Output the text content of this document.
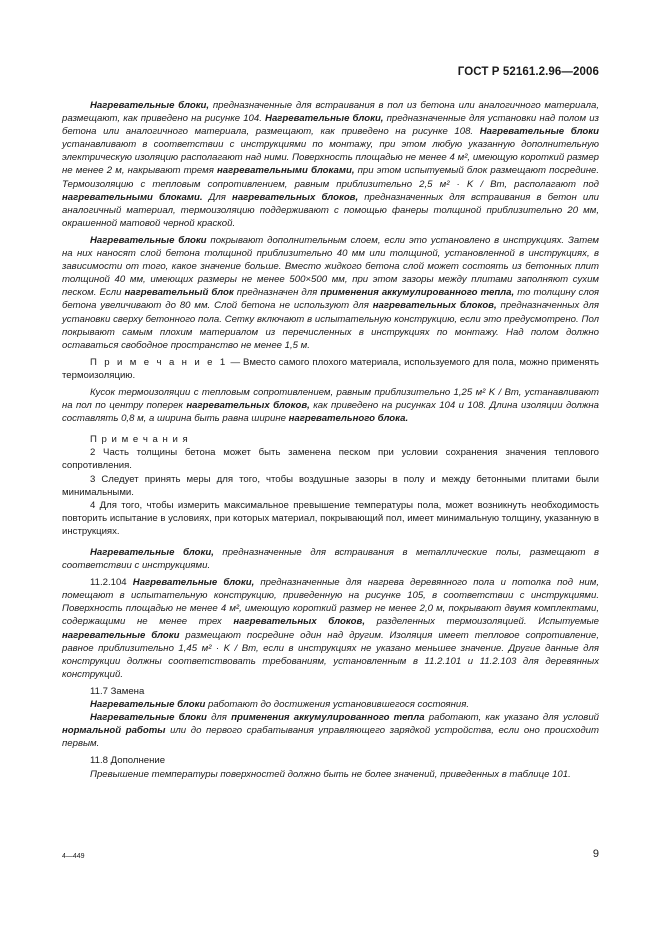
ГОСТ Р 52161.2.96—2006

Нагревательные блоки, предназначенные для встраивания в пол из бетона или аналогичного материала, размещают, как приведено на рисунке 104. Нагревательные блоки, предназначенные для установки над полом из бетона или аналогичного материала, размещают, как приведено на рисунке 108. Нагревательные блоки устанавливают в соответствии с инструкциями по монтажу, при этом любую указанную дополнительную электрическую изоляцию располагают над ними. Поверхность площадью не менее 4 м², имеющую короткий размер не менее 2 м, накрывают тремя нагревательными блоками, при этом испытуемый блок размещают посредине. Термоизоляцию с тепловым сопротивлением, равным приблизительно 2,5 м² · K / Вт, располагают под нагревательными блоками. Для нагревательных блоков, предназначенных для встраивания в бетон или аналогичный материал, термоизоляцию поддерживают с помощью фанеры толщиной приблизительно 20 мм, окрашенной матовой черной краской.

Нагревательные блоки покрывают дополнительным слоем, если это установлено в инструкциях. Затем на них наносят слой бетона толщиной приблизительно 40 мм или толщиной, установленной в инструкциях, в зависимости от того, какое значение больше. Вместо жидкого бетона слой может состоять из бетонных плит толщиной 40 мм, имеющих размеры не менее 500×500 мм, при этом зазоры между плитами заполняют сухим песком. Если нагревательный блок предназначен для применения аккумулированного тепла, то толщину слоя бетона увеличивают до 80 мм. Слой бетона не используют для нагревательных блоков, предназначенных для установки сверху бетонного пола. Сетку включают в испытательную конструкцию, если это предусмотрено. Пол покрывают самым плохим материалом из перечисленных в инструкциях по монтажу. Над полом должно оставаться свободное пространство не менее 1,5 м.

П р и м е ч а н и е 1 — Вместо самого плохого материала, используемого для пола, можно применять термоизоляцию.

Кусок термоизоляции с тепловым сопротивлением, равным приблизительно 1,25 м² K / Вт, устанавливают на пол по центру поперек нагревательных блоков, как приведено на рисунках 104 и 108. Длина изоляции должна составлять 0,8 м, а ширина быть равна ширине нагревательного блока.

П р и м е ч а н и я

2 Часть толщины бетона может быть заменена песком при условии сохранения значения теплового сопротивления.

3 Следует принять меры для того, чтобы воздушные зазоры в полу и между бетонными плитами были минимальными.

4 Для того, чтобы измерить максимальное превышение температуры пола, может возникнуть необходимость повторить испытание в условиях, при которых материал, покрывающий пол, имеет минимальную толщину, указанную в инструкциях.

Нагревательные блоки, предназначенные для встраивания в металлические полы, размещают в соответствии с инструкциями.

11.2.104 Нагревательные блоки, предназначенные для нагрева деревянного пола и потолка под ним, помещают в испытательную конструкцию, приведенную на рисунке 105, в соответствии с инструкциями. Поверхность площадью не менее 4 м², имеющую короткий размер не менее 2,0 м, покрывают двумя комплектами, содержащими не менее трех нагревательных блоков, разделенных термоизоляцией. Испытуемые нагревательные блоки размещают посредине один над другим. Изоляция имеет тепловое сопротивление, равное приблизительно 1,45 м² · K / Вт, если в инструкциях не указано меньшее значение. Другие данные для конструкции должны соответствовать требованиям, установленным в 11.2.101 и 11.2.103 для деревянных конструкций.

11.7 Замена

Нагревательные блоки работают до достижения установившегося состояния.

Нагревательные блоки для применения аккумулированного тепла работают, как указано для условий нормальной работы или до первого срабатывания управляющего зарядкой устройства, если оно происходит первым.

11.8 Дополнение

Превышение температуры поверхностей должно быть не более значений, приведенных в таблице 101.

4—449	9
